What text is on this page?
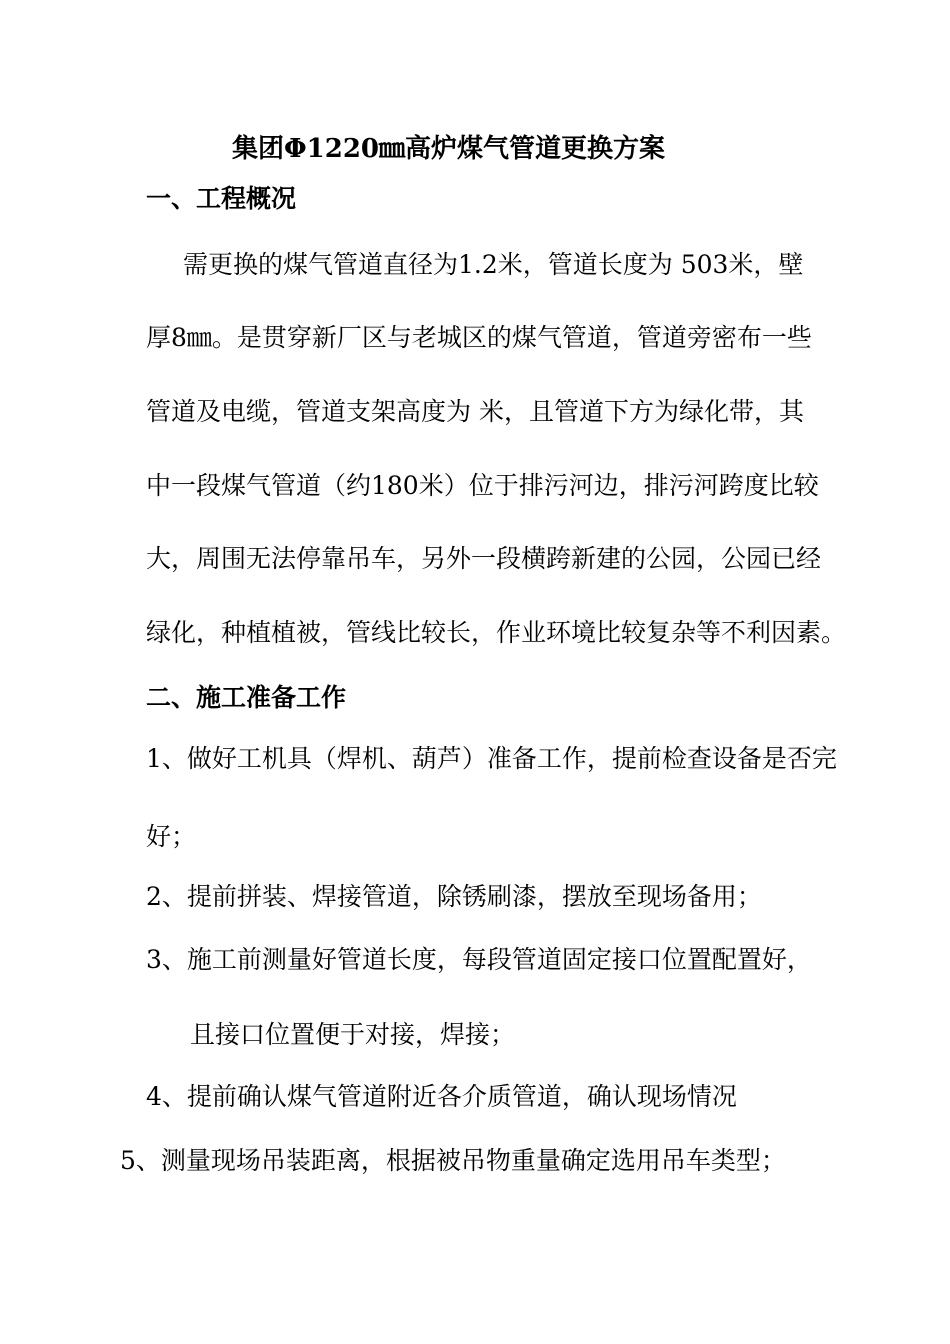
集团Φ1220㎜高炉煤气管道更换方案
一、工程概况
需更换的煤气管道直径为1.2米，管道长度为 503米，壁
厚8㎜。是贯穿新厂区与老城区的煤气管道，管道旁密布一些
管道及电缆，管道支架高度为 米，且管道下方为绿化带，其
中一段煤气管道（约180米）位于排污河边，排污河跨度比较
大，周围无法停靠吊车，另外一段横跨新建的公园，公园已经
绿化，种植植被，管线比较长，作业环境比较复杂等不利因素。
二、施工准备工作
1、做好工机具（焊机、葫芦）准备工作，提前检查设备是否完
好；
2、提前拼装、焊接管道，除锈刷漆，摆放至现场备用；
3、施工前测量好管道长度，每段管道固定接口位置配置好，
且接口位置便于对接，焊接；
4、提前确认煤气管道附近各介质管道，确认现场情况
5、测量现场吊装距离，根据被吊物重量确定选用吊车类型；
